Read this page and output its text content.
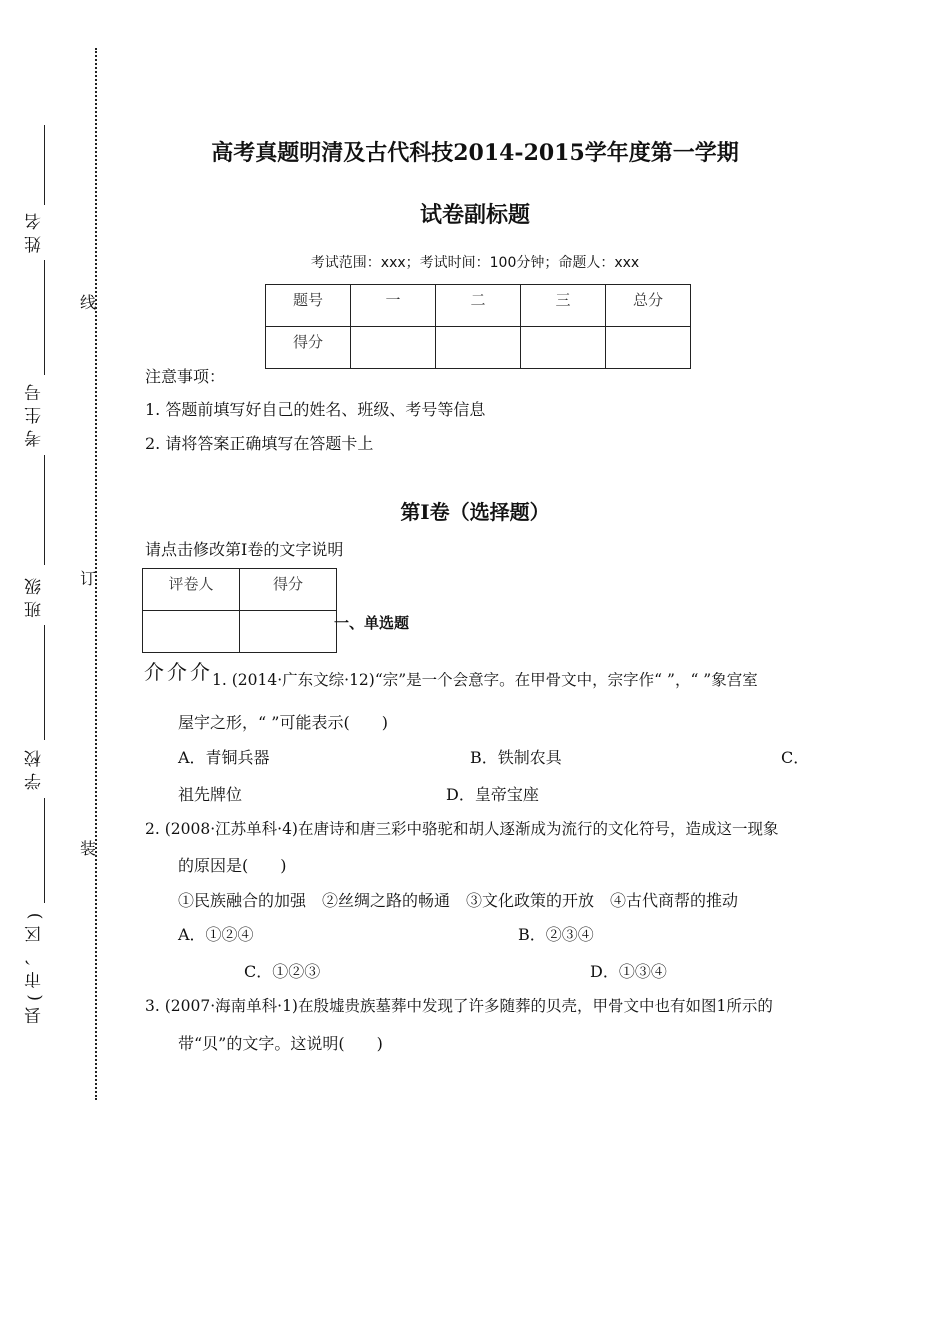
线
订
装
姓名
考生号
班级
学校
县(市、区)
高考真题明清及古代科技2014-2015学年度第一学期
试卷副标题
考试范围：xxx；考试时间：100分钟；命题人：xxx
题号	一	二	三	总分
得分				
注意事项：
1. 答题前填写好自己的姓名、班级、考号等信息
2. 请将答案正确填写在答题卡上
第I卷（选择题）
请点击修改第I卷的文字说明
评卷人	得分

一、单选题
介 介 介 1. (2014·广东文综·12)“宗”是一个会意字。在甲骨文中，宗字作“ ”，“ ”象宫室
屋宇之形，“ ”可能表示(　　)
A．青铜兵器	B．铁制农具	C．
祖先牌位	D．皇帝宝座
2. (2008·江苏单科·4)在唐诗和唐三彩中骆驼和胡人逐渐成为流行的文化符号，造成这一现象
的原因是(　　)
①民族融合的加强　②丝绸之路的畅通　③文化政策的开放　④古代商帮的推动
A．①②④	B．②③④
C．①②③	D．①③④
3. (2007·海南单科·1)在殷墟贵族墓葬中发现了许多随葬的贝壳，甲骨文中也有如图1所示的
带“贝”的文字。这说明(　　)
